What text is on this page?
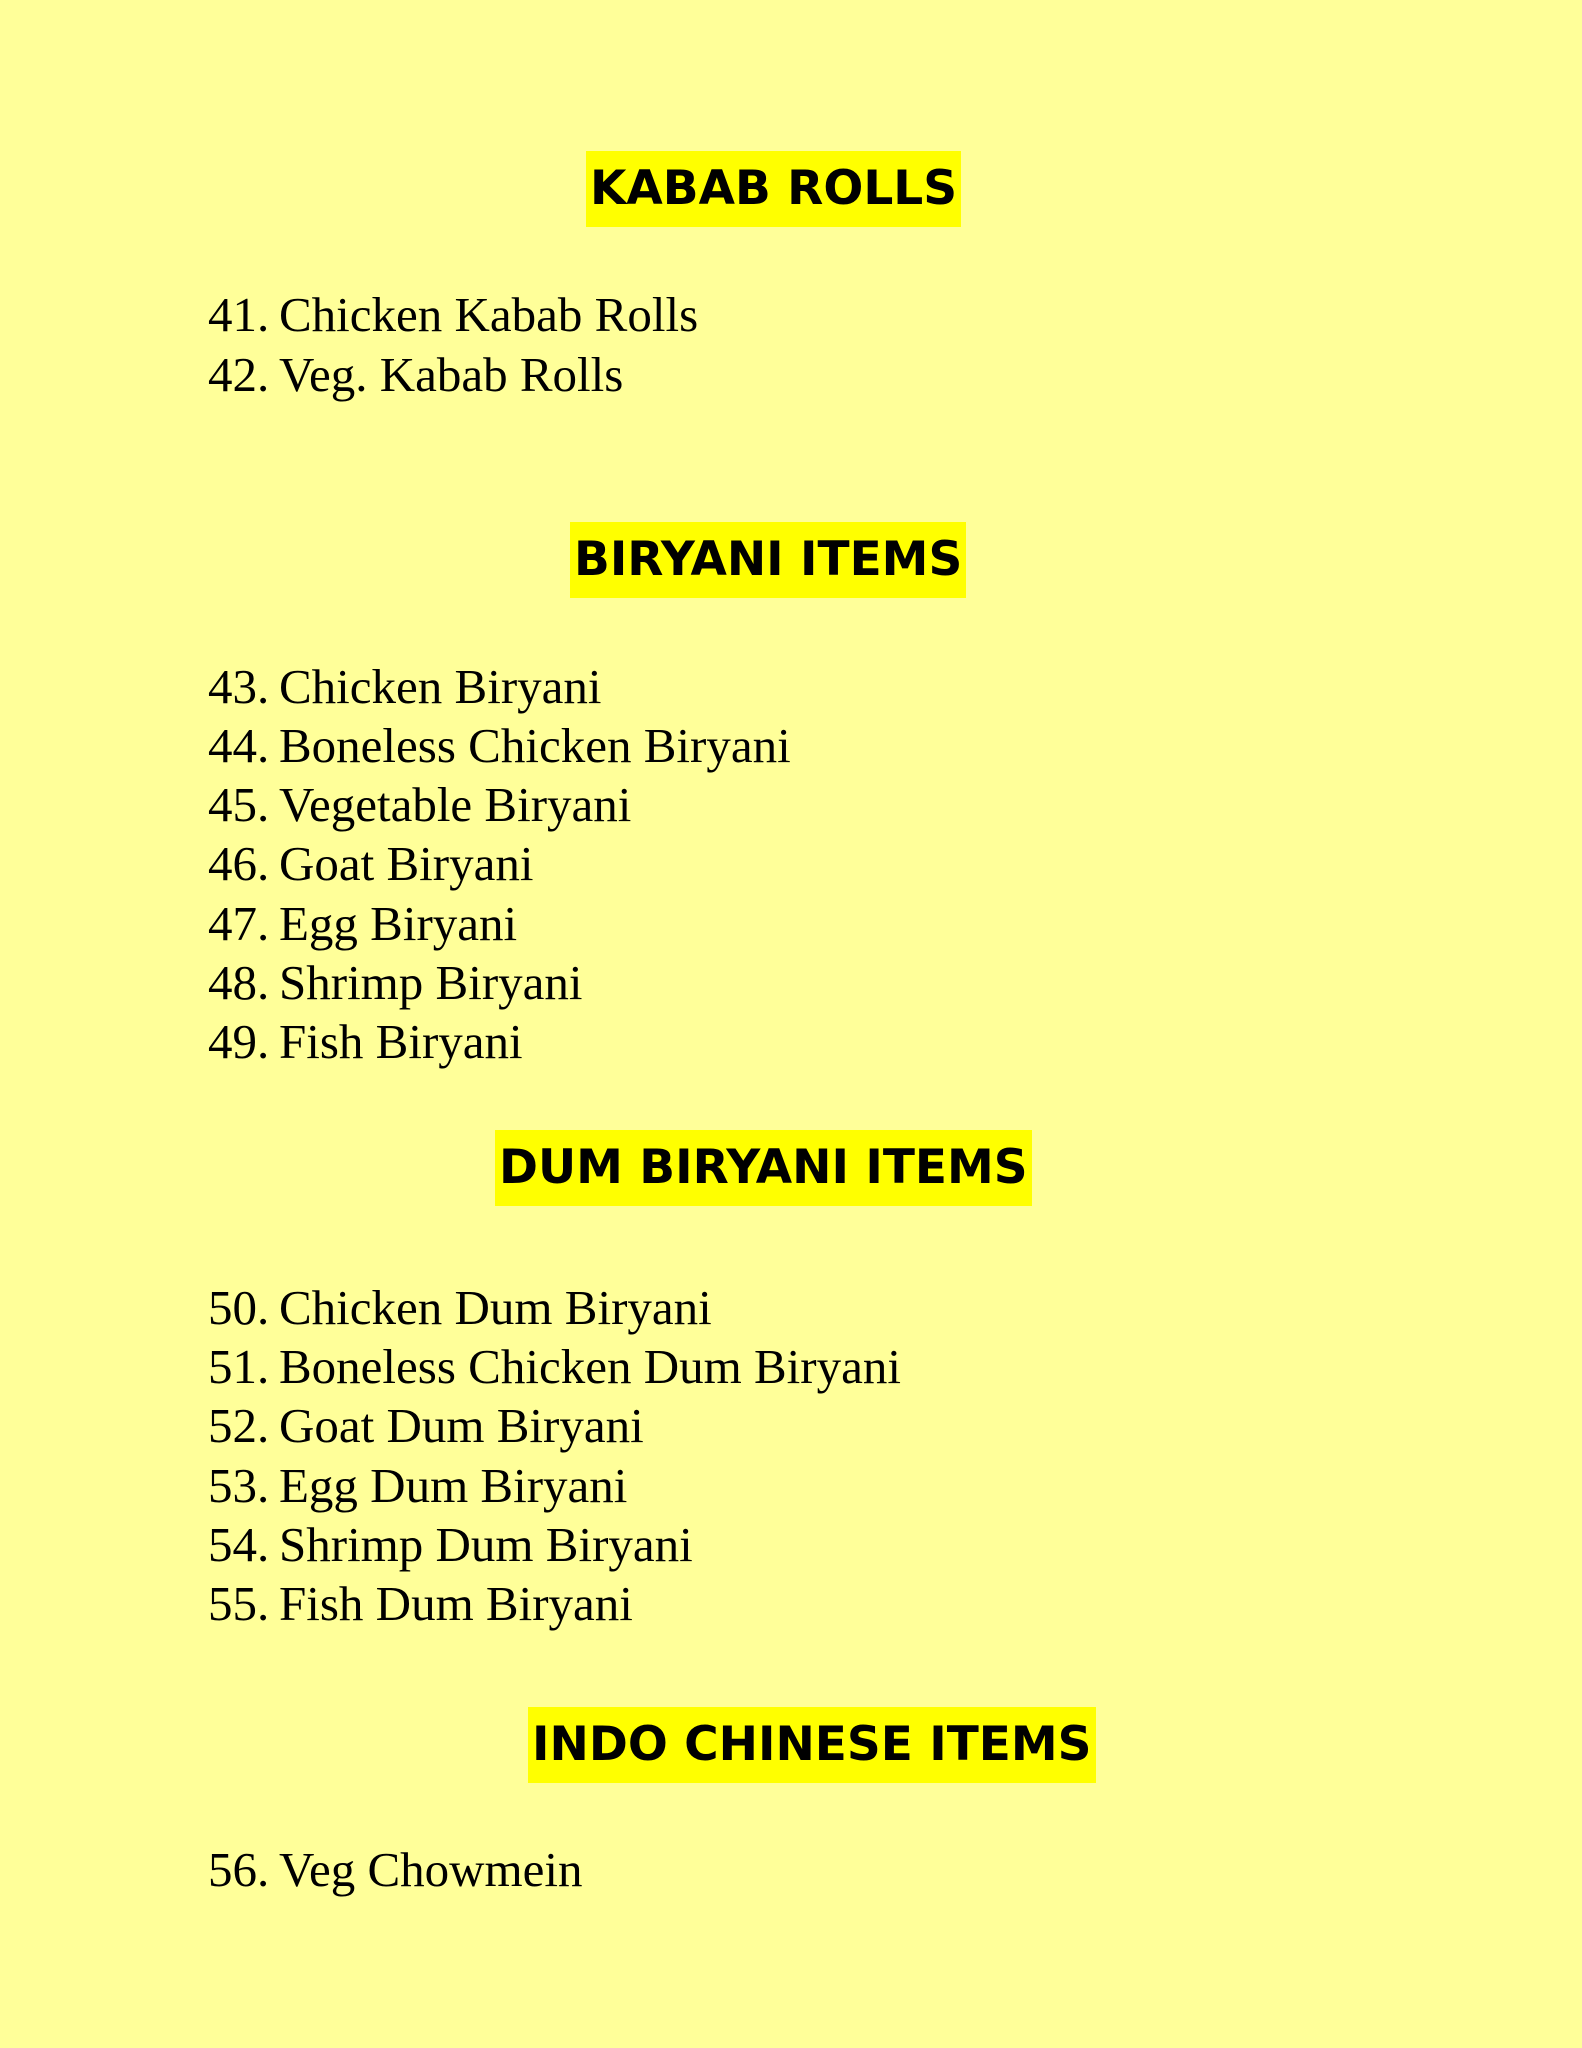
KABAB ROLLS
41. Chicken Kabab Rolls
42. Veg. Kabab Rolls
BIRYANI ITEMS
43. Chicken Biryani
44. Boneless Chicken Biryani
45. Vegetable Biryani
46. Goat Biryani
47. Egg Biryani
48. Shrimp Biryani
49. Fish Biryani
DUM BIRYANI ITEMS
50. Chicken Dum Biryani
51. Boneless Chicken Dum Biryani
52. Goat Dum Biryani
53. Egg Dum Biryani
54. Shrimp Dum Biryani
55. Fish Dum Biryani
INDO CHINESE ITEMS
56. Veg Chowmein
